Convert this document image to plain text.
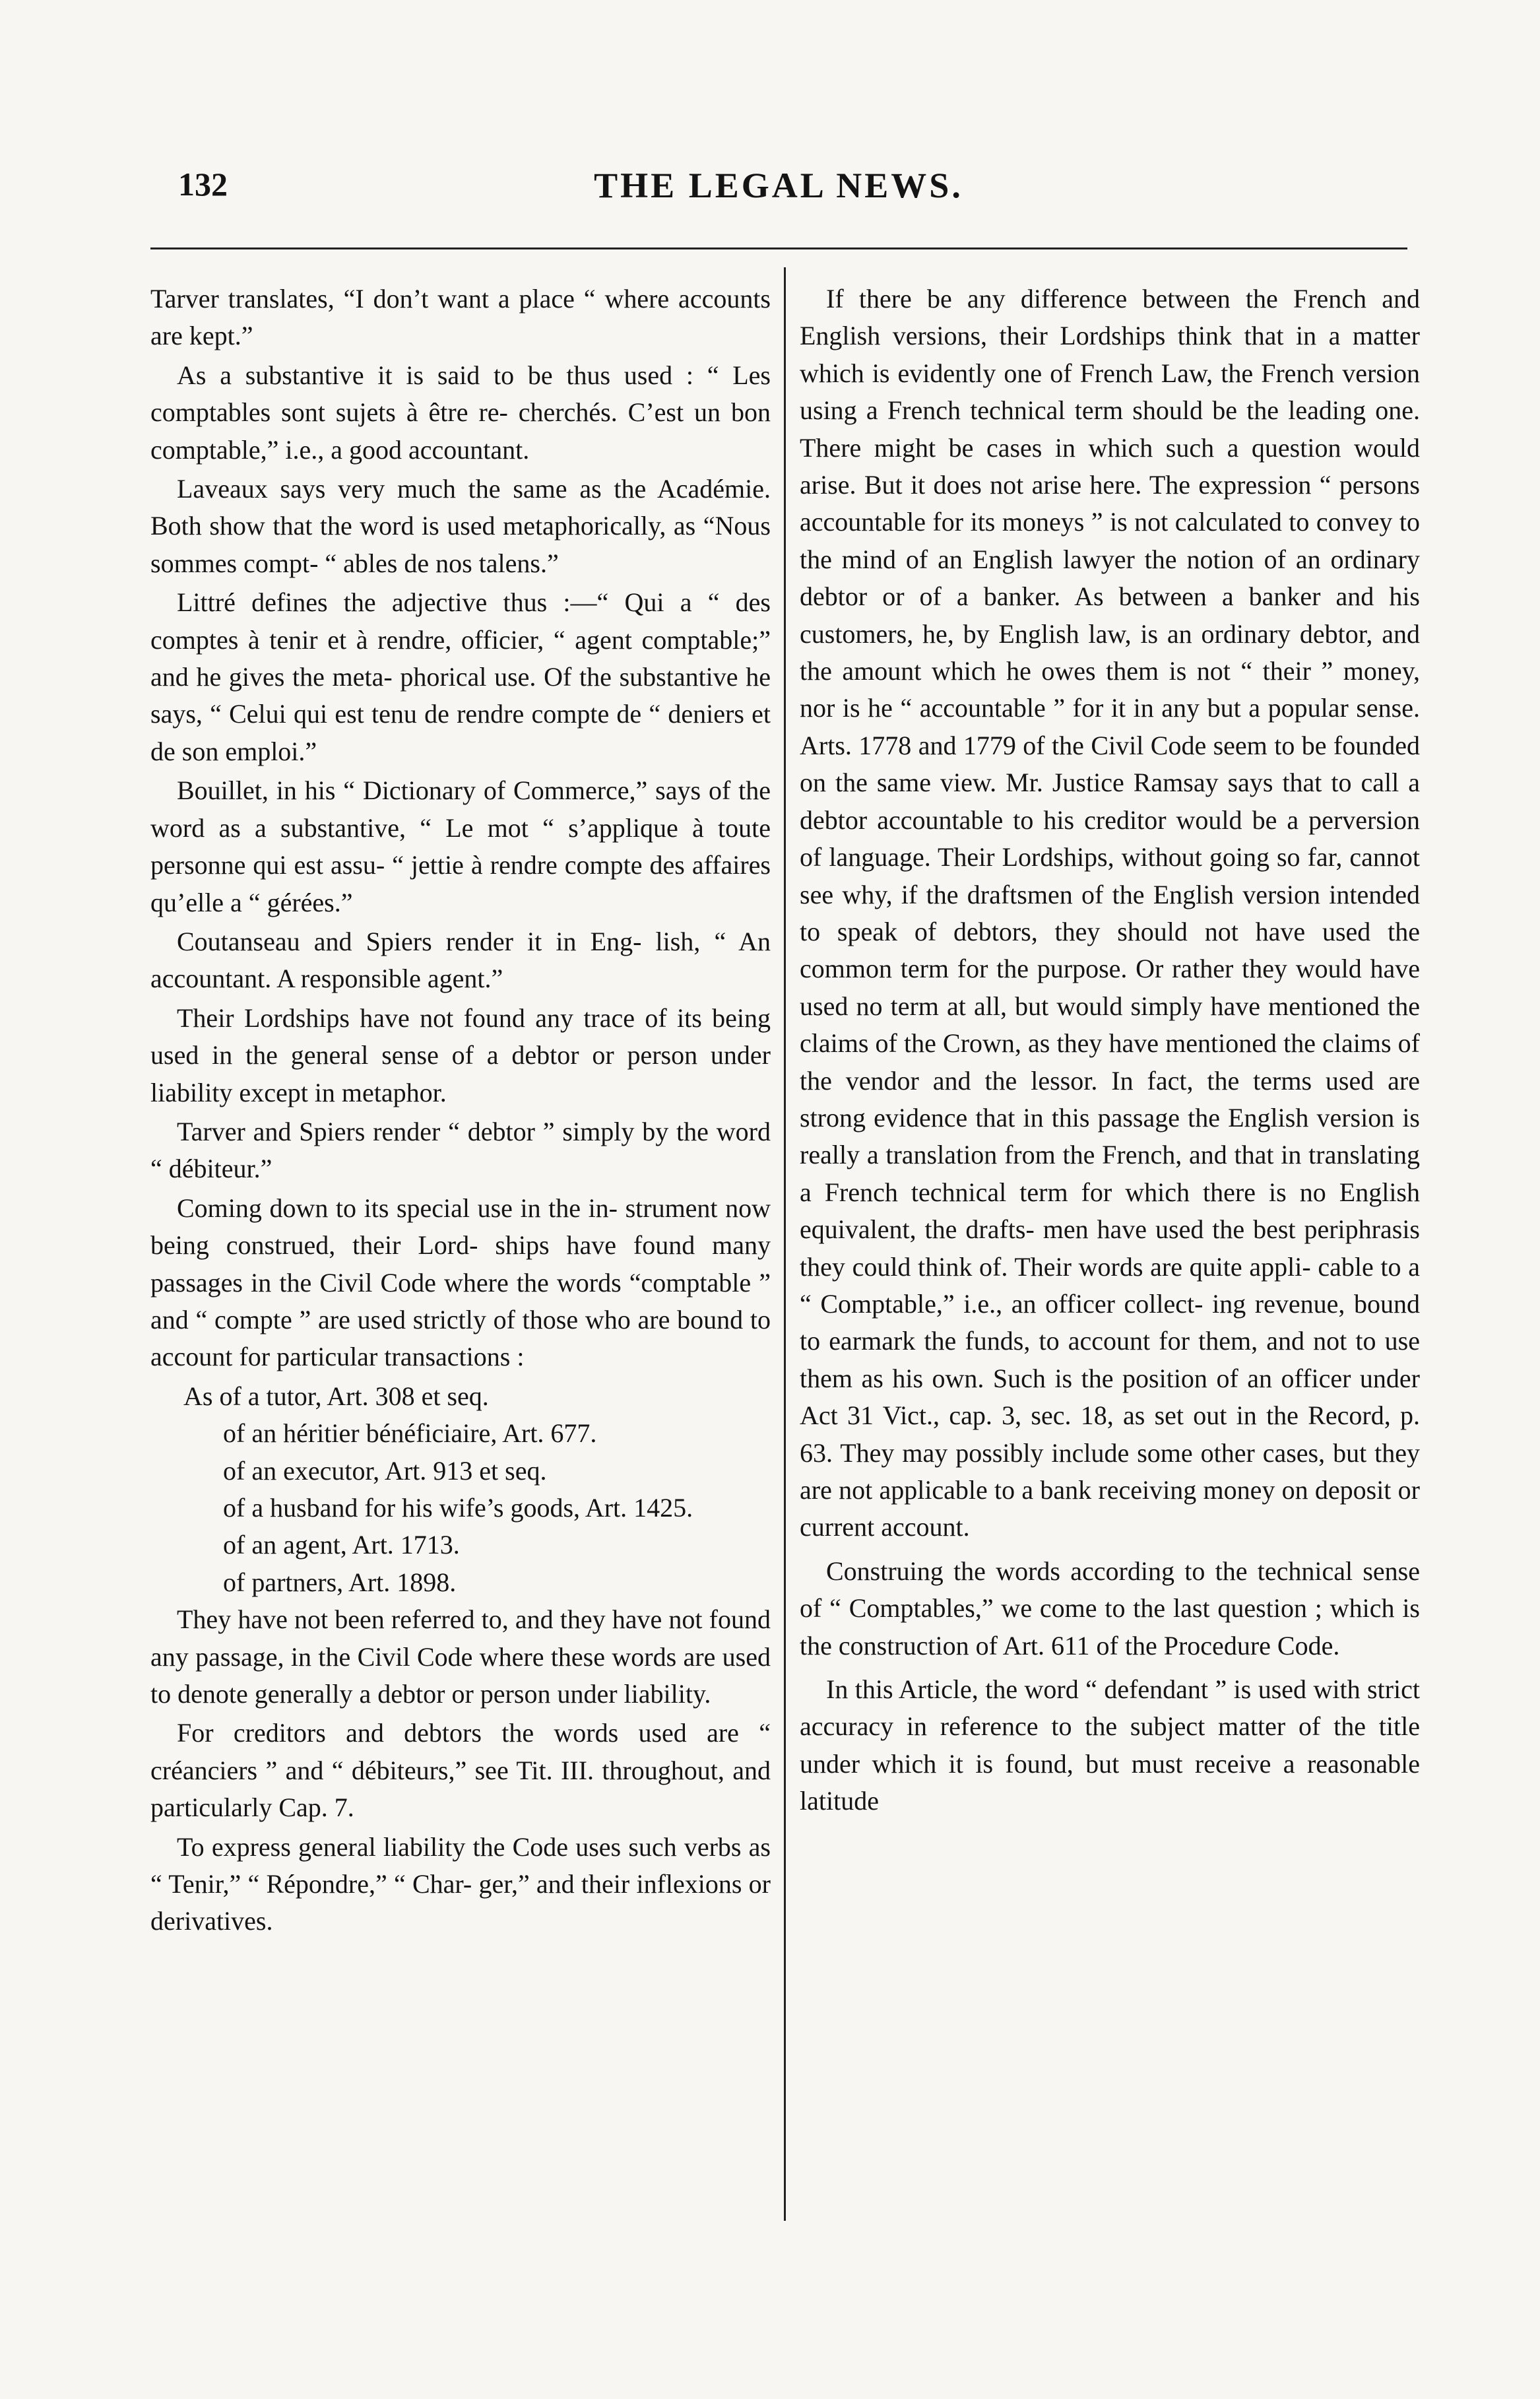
132	THE LEGAL NEWS.

Tarver translates, “I don’t want a place “ where accounts are kept.”

As a substantive it is said to be thus used : “ Les comptables sont sujets à être re- cherchés. C’est un bon comptable,” i.e., a good accountant.

Laveaux says very much the same as the Académie. Both show that the word is used metaphorically, as “Nous sommes compt- “ ables de nos talens.”

Littré defines the adjective thus :—“ Qui a “ des comptes à tenir et à rendre, officier, “ agent comptable;” and he gives the meta- phorical use. Of the substantive he says, “ Celui qui est tenu de rendre compte de “ deniers et de son emploi.”

Bouillet, in his “ Dictionary of Commerce,” says of the word as a substantive, “ Le mot “ s’applique à toute personne qui est assu- “ jettie à rendre compte des affaires qu’elle a “ gérées.”

Coutanseau and Spiers render it in Eng- lish, “ An accountant. A responsible agent.”

Their Lordships have not found any trace of its being used in the general sense of a debtor or person under liability except in metaphor.

Tarver and Spiers render “ debtor ” simply by the word “ débiteur.”

Coming down to its special use in the in- strument now being construed, their Lord- ships have found many passages in the Civil Code where the words “comptable ” and “ compte ” are used strictly of those who are bound to account for particular transactions :

As of a tutor, Art. 308 et seq.

of an héritier bénéficiaire, Art. 677.

of an executor, Art. 913 et seq.

of a husband for his wife’s goods, Art. 1425.

of an agent, Art. 1713.

of partners, Art. 1898.

They have not been referred to, and they have not found any passage, in the Civil Code where these words are used to denote generally a debtor or person under liability.

For creditors and debtors the words used are “ créanciers ” and “ débiteurs,” see Tit. III. throughout, and particularly Cap. 7.

To express general liability the Code uses such verbs as “ Tenir,” “ Répondre,” “ Char- ger,” and their inflexions or derivatives.

If there be any difference between the French and English versions, their Lordships think that in a matter which is evidently one of French Law, the French version using a French technical term should be the leading one. There might be cases in which such a question would arise. But it does not arise here. The expression “ persons accountable for its moneys ” is not calculated to convey to the mind of an English lawyer the notion of an ordinary debtor or of a banker. As between a banker and his customers, he, by English law, is an ordinary debtor, and the amount which he owes them is not “ their ” money, nor is he “ accountable ” for it in any but a popular sense. Arts. 1778 and 1779 of the Civil Code seem to be founded on the same view. Mr. Justice Ramsay says that to call a debtor accountable to his creditor would be a perversion of language. Their Lordships, without going so far, cannot see why, if the draftsmen of the English version intended to speak of debtors, they should not have used the common term for the purpose. Or rather they would have used no term at all, but would simply have mentioned the claims of the Crown, as they have mentioned the claims of the vendor and the lessor. In fact, the terms used are strong evidence that in this passage the English version is really a translation from the French, and that in translating a French technical term for which there is no English equivalent, the drafts- men have used the best periphrasis they could think of. Their words are quite appli- cable to a “ Comptable,” i.e., an officer collect- ing revenue, bound to earmark the funds, to account for them, and not to use them as his own. Such is the position of an officer under Act 31 Vict., cap. 3, sec. 18, as set out in the Record, p. 63. They may possibly include some other cases, but they are not applicable to a bank receiving money on deposit or current account.

Construing the words according to the technical sense of “ Comptables,” we come to the last question ; which is the construction of Art. 611 of the Procedure Code.

In this Article, the word “ defendant ” is used with strict accuracy in reference to the subject matter of the title under which it is found, but must receive a reasonable latitude
